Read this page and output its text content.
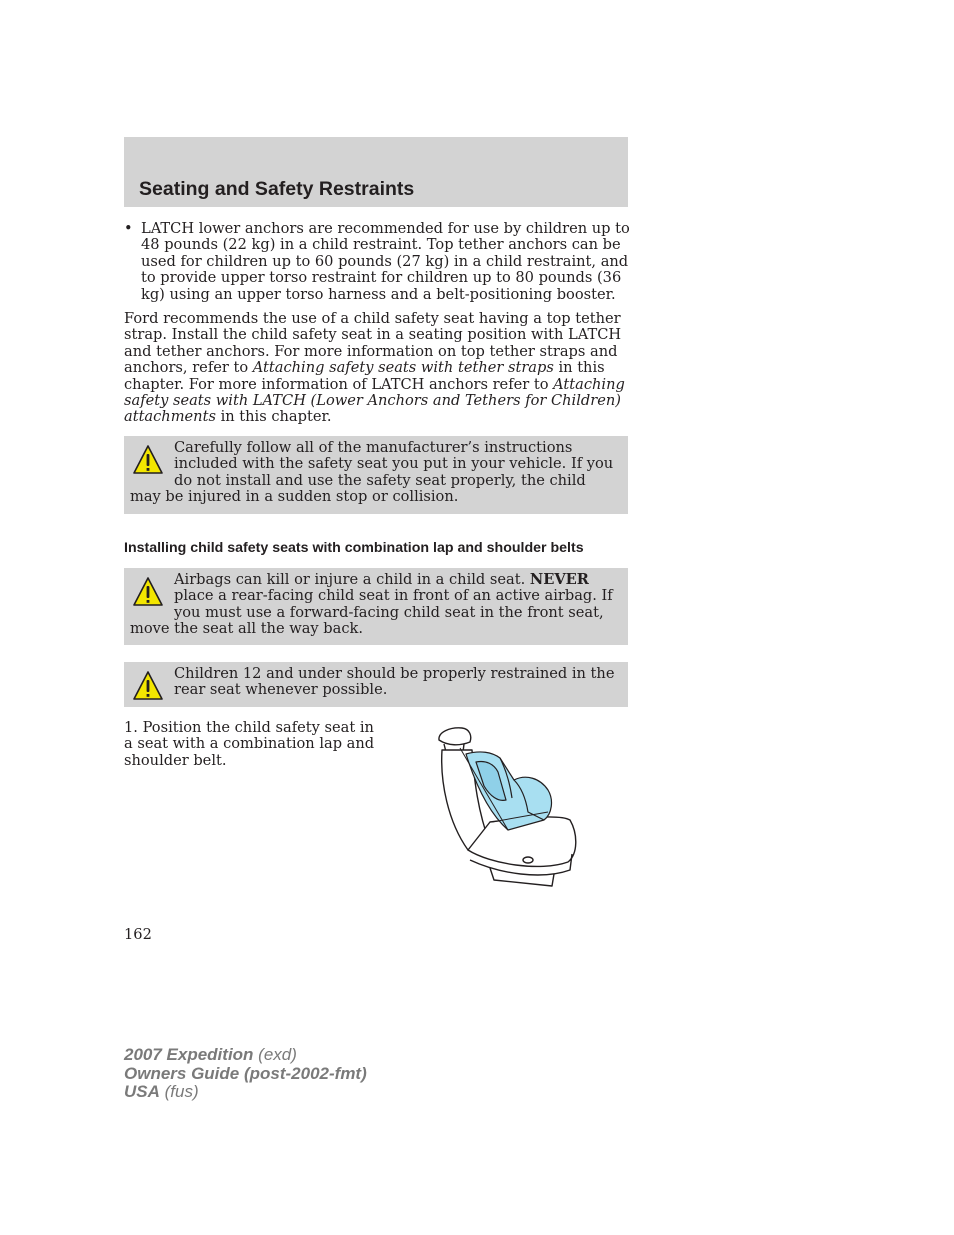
Seating and Safety Restraints
• LATCH lower anchors are recommended for use by children up to 48 pounds (22 kg) in a child restraint. Top tether anchors can be used for children up to 60 pounds (27 kg) in a child restraint, and to provide upper torso restraint for children up to 80 pounds (36 kg) using an upper torso harness and a belt-positioning booster.

Ford recommends the use of a child safety seat having a top tether strap. Install the child safety seat in a seating position with LATCH and tether anchors. For more information on top tether straps and anchors, refer to Attaching safety seats with tether straps in this chapter. For more information of LATCH anchors refer to Attaching safety seats with LATCH (Lower Anchors and Tethers for Children) attachments in this chapter.

Carefully follow all of the manufacturer’s instructions included with the safety seat you put in your vehicle. If you do not install and use the safety seat properly, the child may be injured in a sudden stop or collision.
Installing child safety seats with combination lap and shoulder belts
Airbags can kill or injure a child in a child seat. NEVER place a rear-facing child seat in front of an active airbag. If you must use a forward-facing child seat in the front seat, move the seat all the way back.
Children 12 and under should be properly restrained in the rear seat whenever possible.
1. Position the child safety seat in a seat with a combination lap and shoulder belt.
162
2007 Expedition (exd)
Owners Guide (post-2002-fmt)
USA (fus)
